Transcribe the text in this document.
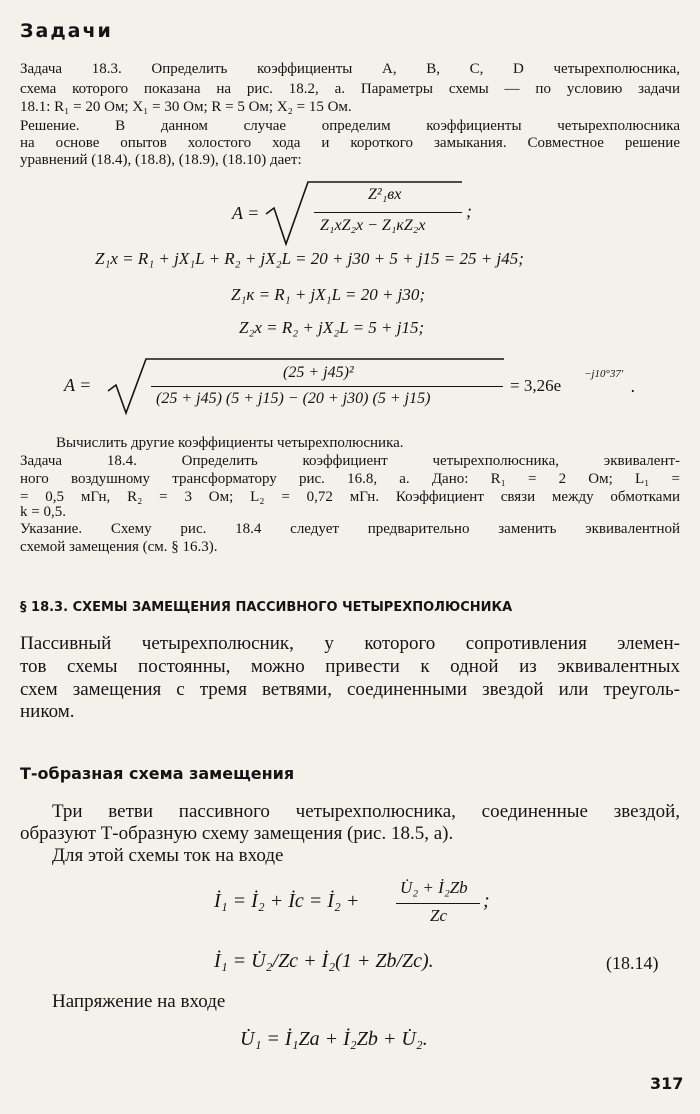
Задачи
Задача 18.3. Определить коэффициенты A, B, C, D четырехполюсника,
схема которого показана на рис. 18.2, а. Параметры схемы — по условию задачи
18.1: R₁ = 20 Ом; X₁ = 30 Ом; R = 5 Ом; X₂ = 15 Ом.
Решение. В данном случае определим коэффициенты четырехполюсника
на основе опытов холостого хода и короткого замыкания. Совместное решение
уравнений (18.4), (18.8), (18.9), (18.10) дает:
A =
Z²₁вх
Z₁хZ₂х − Z₁кZ₂х
;
Z₁х = R₁ + jX₁L + R₂ + jX₂L = 20 + j30 + 5 + j15 = 25 + j45;
Z₁к = R₁ + jX₁L = 20 + j30;
Z₂х = R₂ + jX₂L = 5 + j15;
A =
(25 + j45)²
(25 + j45) (5 + j15) − (20 + j30) (5 + j15)
= 3,26e
−j10°37′
.
Вычислить другие коэффициенты четырехполюсника.
Задача 18.4. Определить коэффициент четырехполюсника, эквивалент-
ного воздушному трансформатору рис. 16.8, а. Дано: R₁ = 2 Ом; L₁ =
= 0,5 мГн, R₂ = 3 Ом; L₂ = 0,72 мГн. Коэффициент связи между обмотками
k = 0,5.
Указание. Схему рис. 18.4 следует предварительно заменить эквивалентной
схемой замещения (см. § 16.3).
§ 18.3. СХЕМЫ ЗАМЕЩЕНИЯ ПАССИВНОГО ЧЕТЫРЕХПОЛЮСНИКА
Пассивный четырехполюсник, у которого сопротивления элемен-
тов схемы постоянны, можно привести к одной из эквивалентных
схем замещения с тремя ветвями, соединенными звездой или треуголь-
ником.
Т-образная схема замещения
Три ветви пассивного четырехполюсника, соединенные звездой,
образуют Т-образную схему замещения (рис. 18.5, а).
Для этой схемы ток на входе
İ₁ = İ₂ + İc = İ₂ +
U̇₂ + İ₂Zb
Zc
;
İ₁ = U̇₂/Zc + İ₂(1 + Zb/Zc).	(18.14)
Напряжение на входе
U̇₁ = İ₁Za + İ₂Zb + U̇₂.
317
